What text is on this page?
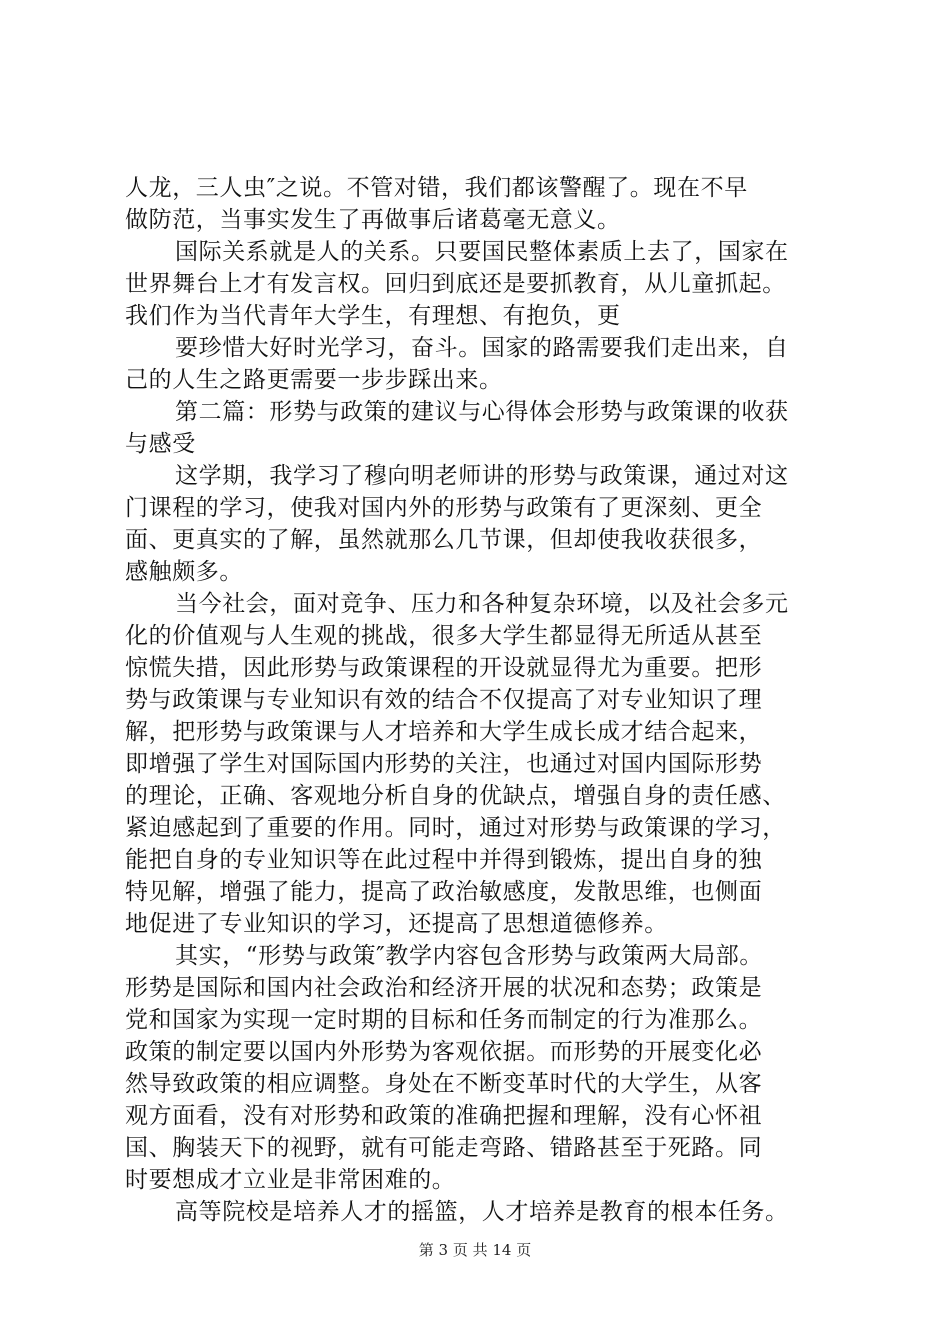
人龙，三人虫″之说。不管对错，我们都该警醒了。现在不早
做防范，当事实发生了再做事后诸葛毫无意义。
国际关系就是人的关系。只要国民整体素质上去了，国家在
世界舞台上才有发言权。回归到底还是要抓教育，从儿童抓起。
我们作为当代青年大学生，有理想、有抱负，更
要珍惜大好时光学习，奋斗。国家的路需要我们走出来，自
己的人生之路更需要一步步踩出来。
第二篇：形势与政策的建议与心得体会形势与政策课的收获
与感受
这学期，我学习了穆向明老师讲的形势与政策课，通过对这
门课程的学习，使我对国内外的形势与政策有了更深刻、更全
面、更真实的了解，虽然就那么几节课，但却使我收获很多，
感触颇多。
当今社会，面对竞争、压力和各种复杂环境，以及社会多元
化的价值观与人生观的挑战，很多大学生都显得无所适从甚至
惊慌失措，因此形势与政策课程的开设就显得尤为重要。把形
势与政策课与专业知识有效的结合不仅提高了对专业知识了理
解，把形势与政策课与人才培养和大学生成长成才结合起来，
即增强了学生对国际国内形势的关注，也通过对国内国际形势
的理论，正确、客观地分析自身的优缺点，增强自身的责任感、
紧迫感起到了重要的作用。同时，通过对形势与政策课的学习，
能把自身的专业知识等在此过程中并得到锻炼，提出自身的独
特见解，增强了能力，提高了政治敏感度，发散思维，也侧面
地促进了专业知识的学习，还提高了思想道德修养。
其实，“形势与政策″教学内容包含形势与政策两大局部。
形势是国际和国内社会政治和经济开展的状况和态势；政策是
党和国家为实现一定时期的目标和任务而制定的行为准那么。
政策的制定要以国内外形势为客观依据。而形势的开展变化必
然导致政策的相应调整。身处在不断变革时代的大学生，从客
观方面看，没有对形势和政策的准确把握和理解，没有心怀祖
国、胸装天下的视野，就有可能走弯路、错路甚至于死路。同
时要想成才立业是非常困难的。
高等院校是培养人才的摇篮，人才培养是教育的根本任务。
第 3 页 共 14 页
